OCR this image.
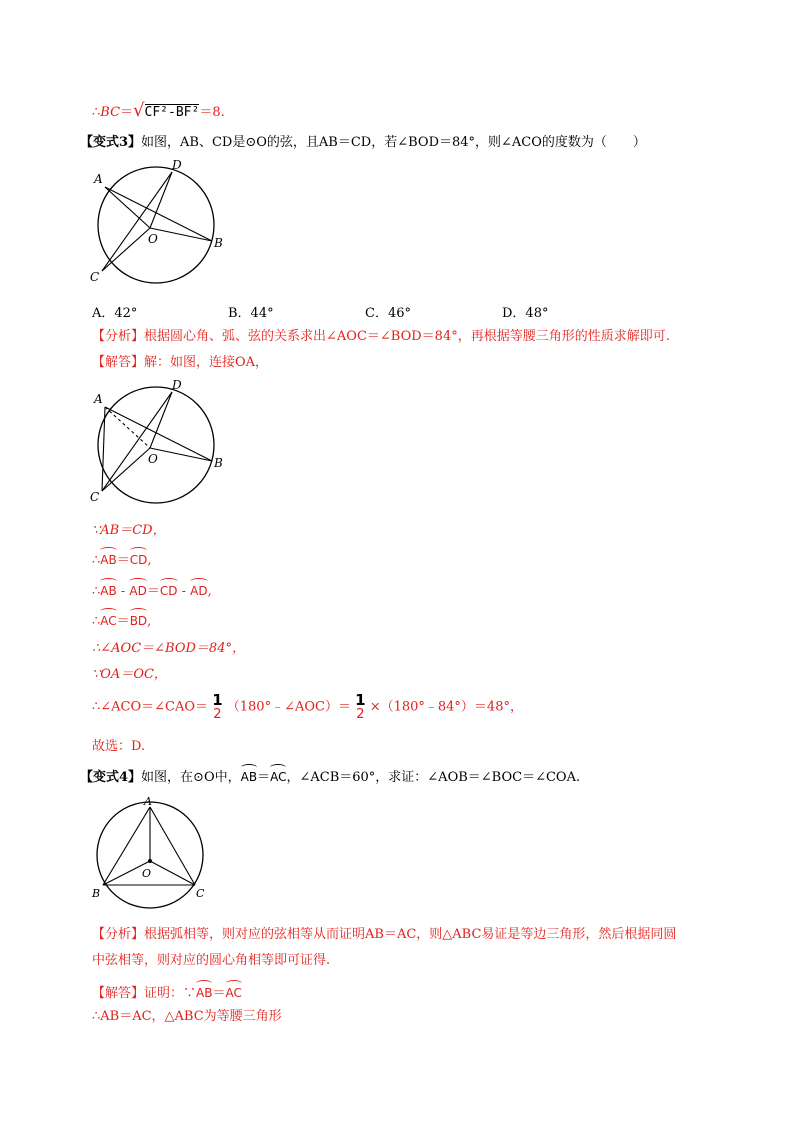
∴BC＝√CF²-BF²＝8.
【变式3】如图，AB、CD是⊙O的弦，且AB＝CD，若∠BOD＝84°，则∠ACO的度数为（　　）
A
D
O	B
C
A．42°	B．44°	C．46°	D．48°
【分析】根据圆心角、弧、弦的关系求出∠AOC＝∠BOD＝84°，再根据等腰三角形的性质求解即可.
【解答】解：如图，连接OA，
A
D
O	B
C
∵AB＝CD，
∴AB＝CD,
∴AB - AD＝CD - AD,
∴AC＝BD,
∴∠AOC＝∠BOD＝84°，
∵OA＝OC，
∴∠ACO＝∠CAO＝ 1
2 （180°﹣∠AOC）＝ 1
2 ×（180°﹣84°）＝48°，
故选：D.
【变式4】如图，在⊙O中，AB＝AC，∠ACB＝60°，求证：∠AOB＝∠BOC＝∠COA.
A
O
B	C
【分析】根据弧相等，则对应的弦相等从而证明AB＝AC，则△ABC易证是等边三角形，然后根据同圆
中弦相等，则对应的圆心角相等即可证得.
【解答】证明：∵AB＝AC
∴AB＝AC，△ABC为等腰三角形
